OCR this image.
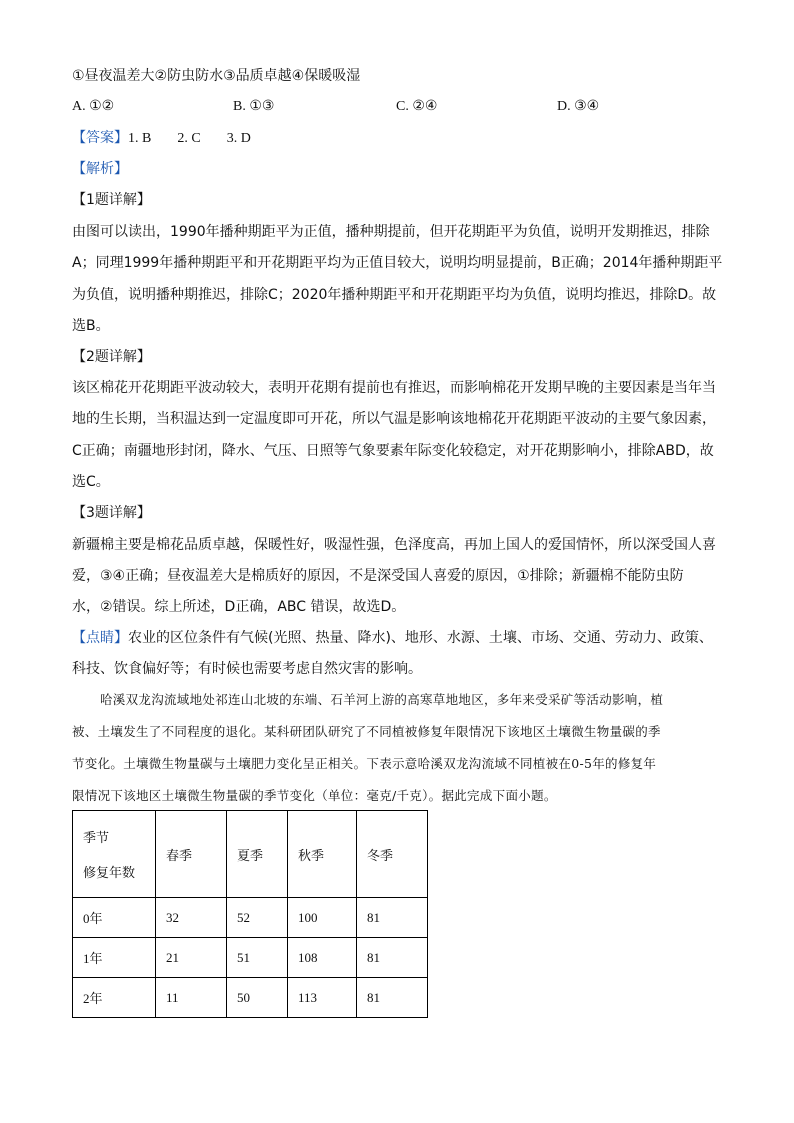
①昼夜温差大②防虫防水③品质卓越④保暖吸湿
A. ①②	B. ①③	C. ②④	D. ③④
【答案】1. B 2. C 3. D
【解析】
【1题详解】
由图可以读出，1990年播种期距平为正值，播种期提前，但开花期距平为负值，说明开发期推迟，排除
A；同理1999年播种期距平和开花期距平均为正值目较大，说明均明显提前，B正确；2014年播种期距平
为负值，说明播种期推迟，排除C；2020年播种期距平和开花期距平均为负值，说明均推迟，排除D。故
选B。
【2题详解】
该区棉花开花期距平波动较大，表明开花期有提前也有推迟，而影响棉花开发期早晚的主要因素是当年当
地的生长期，当积温达到一定温度即可开花，所以气温是影响该地棉花开花期距平波动的主要气象因素，
C正确；南疆地形封闭，降水、气压、日照等气象要素年际变化较稳定，对开花期影响小，排除ABD，故
选C。
【3题详解】
新疆棉主要是棉花品质卓越，保暖性好，吸湿性强，色泽度高，再加上国人的爱国情怀，所以深受国人喜
爱，③④正确；昼夜温差大是棉质好的原因，不是深受国人喜爱的原因，①排除；新疆棉不能防虫防
水，②错误。综上所述，D正确，ABC 错误，故选D。
【点睛】农业的区位条件有气候(光照、热量、降水)、地形、水源、土壤、市场、交通、劳动力、政策、
科技、饮食偏好等；有时候也需要考虑自然灾害的影响。
哈溪双龙沟流域地处祁连山北坡的东端、石羊河上游的高寒草地地区，多年来受采矿等活动影响，植
被、土壤发生了不同程度的退化。某科研团队研究了不同植被修复年限情况下该地区土壤微生物量碳的季
节变化。土壤微生物量碳与土壤肥力变化呈正相关。下表示意哈溪双龙沟流域不同植被在0-5年的修复年
限情况下该地区土壤微生物量碳的季节变化（单位：毫克/千克）。据此完成下面小题。
季节
修复年数	春季	夏季	秋季	冬季
0年	32	52	100	81
1年	21	51	108	81
2年	11	50	113	81
